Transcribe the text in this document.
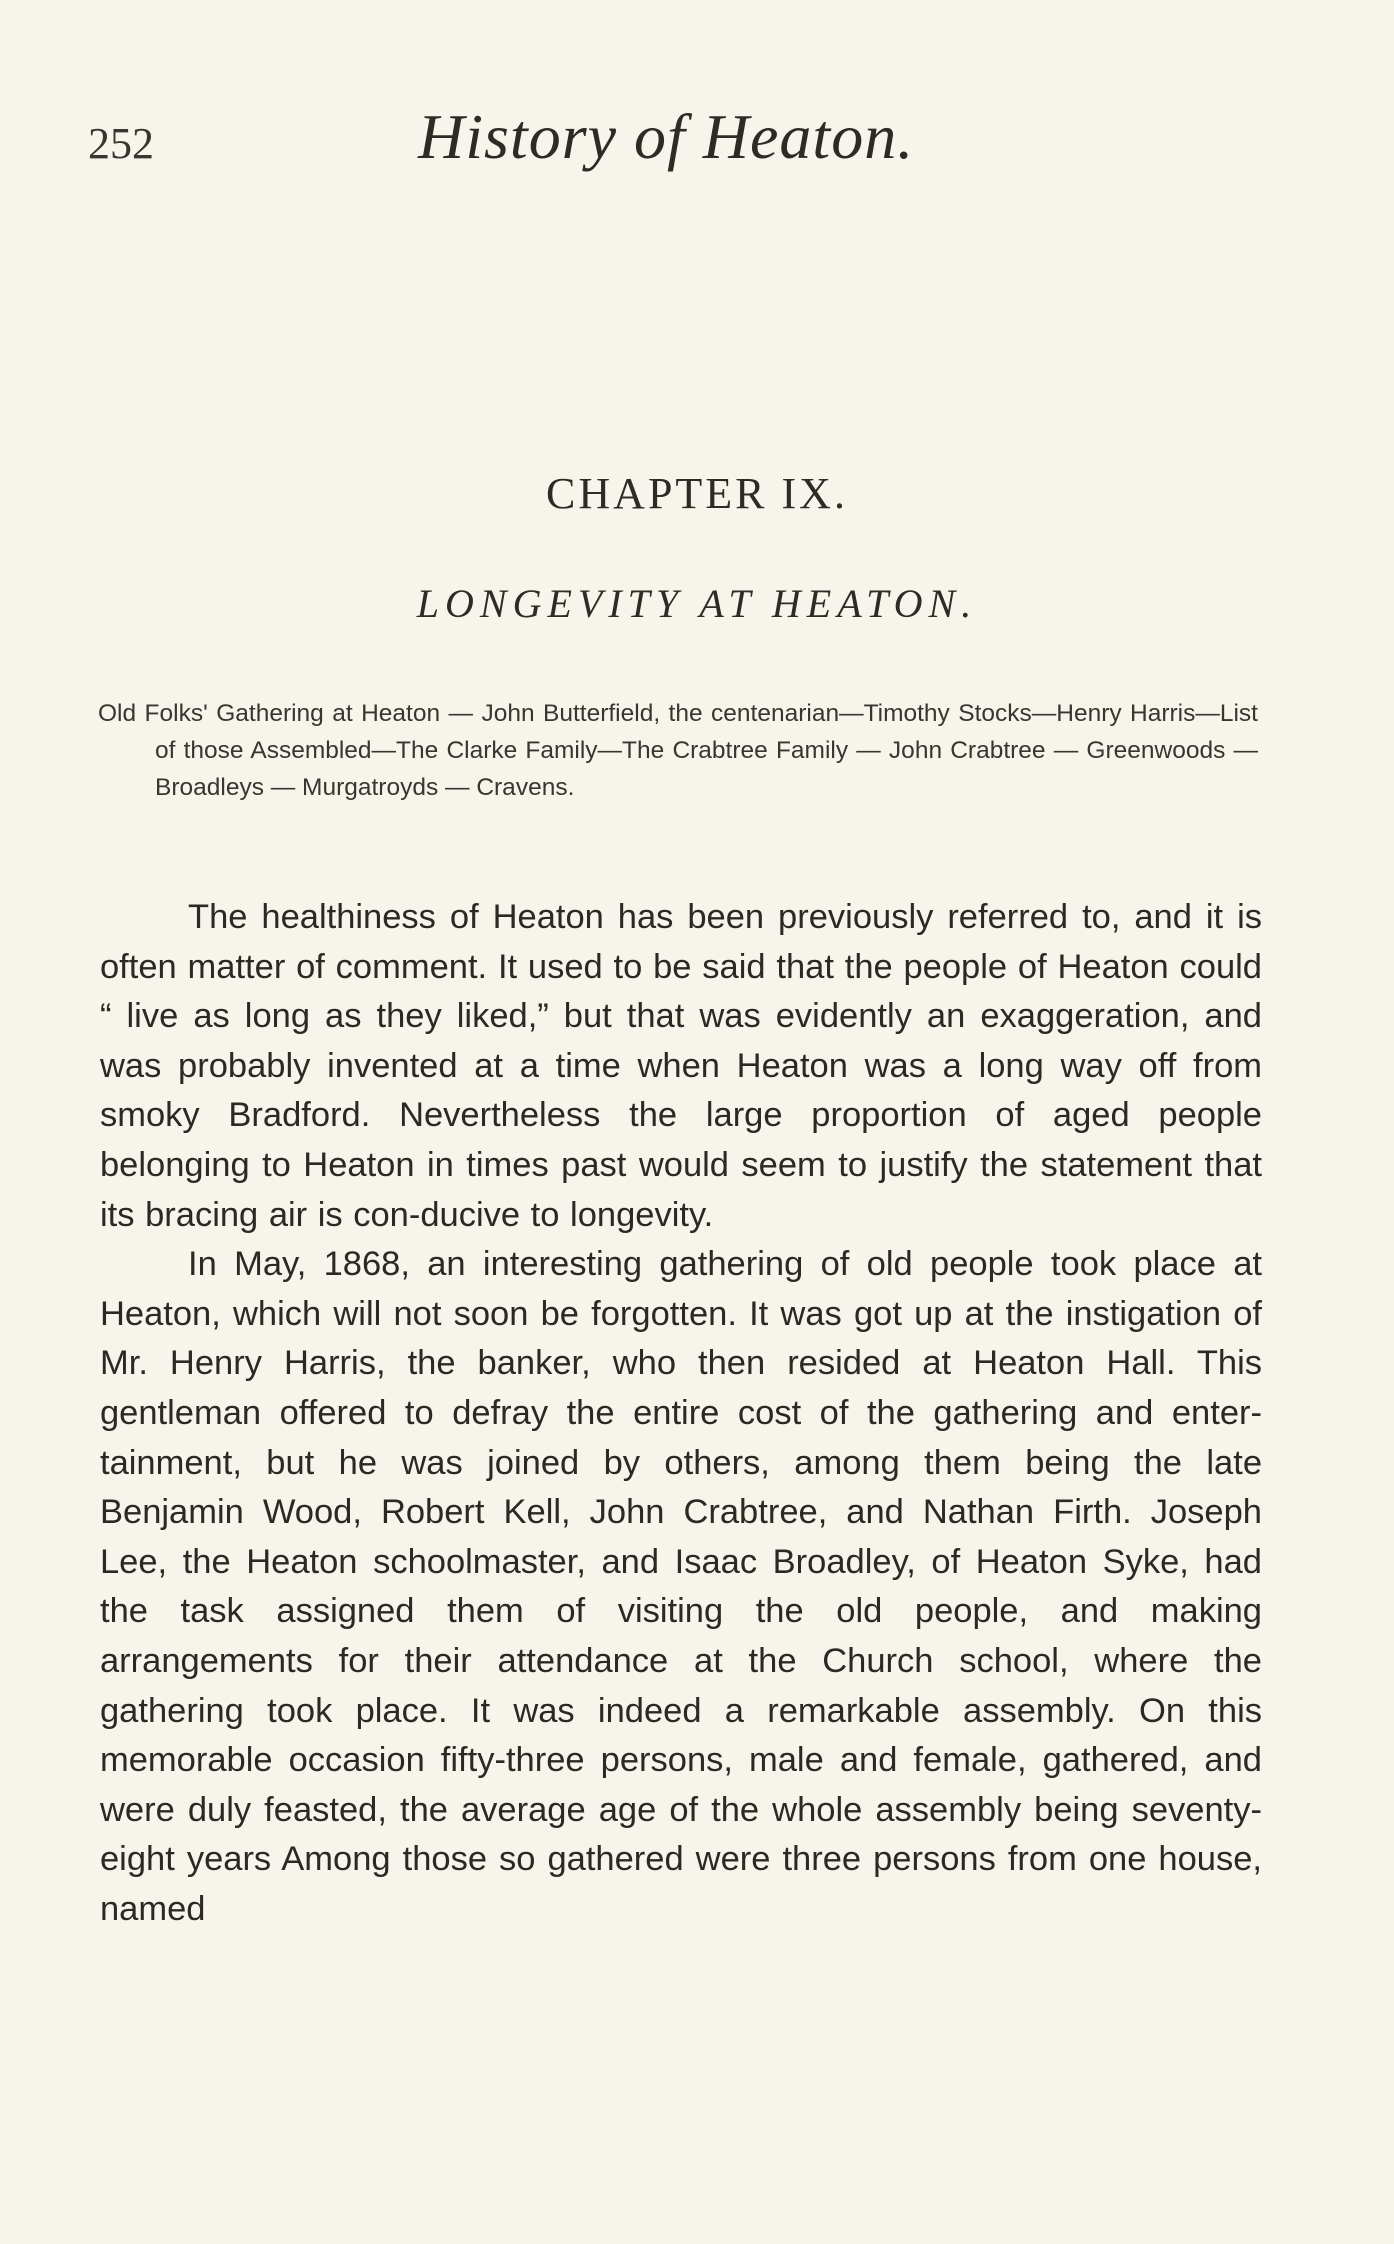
252	History of Heaton.
CHAPTER IX.
LONGEVITY AT HEATON.
Old Folks' Gathering at Heaton — John Butterfield, the centenarian—Timothy Stocks—Henry Harris—List of those Assembled—The Clarke Family—The Crabtree Family — John Crabtree — Greenwoods — Broadleys — Murgatroyds — Cravens.

The healthiness of Heaton has been previously referred to, and it is often matter of comment. It used to be said that the people of Heaton could “ live as long as they liked,” but that was evidently an exaggeration, and was probably invented at a time when Heaton was a long way off from smoky Bradford. Nevertheless the large proportion of aged people belonging to Heaton in times past would seem to justify the statement that its bracing air is con-ducive to longevity.

In May, 1868, an interesting gathering of old people took place at Heaton, which will not soon be forgotten. It was got up at the instigation of Mr. Henry Harris, the banker, who then resided at Heaton Hall. This gentleman offered to defray the entire cost of the gathering and enter-tainment, but he was joined by others, among them being the late Benjamin Wood, Robert Kell, John Crabtree, and Nathan Firth. Joseph Lee, the Heaton schoolmaster, and Isaac Broadley, of Heaton Syke, had the task assigned them of visiting the old people, and making arrangements for their attendance at the Church school, where the gathering took place. It was indeed a remarkable assembly. On this memorable occasion fifty-three persons, male and female, gathered, and were duly feasted, the average age of the whole assembly being seventy-eight years Among those so gathered were three persons from one house, named
